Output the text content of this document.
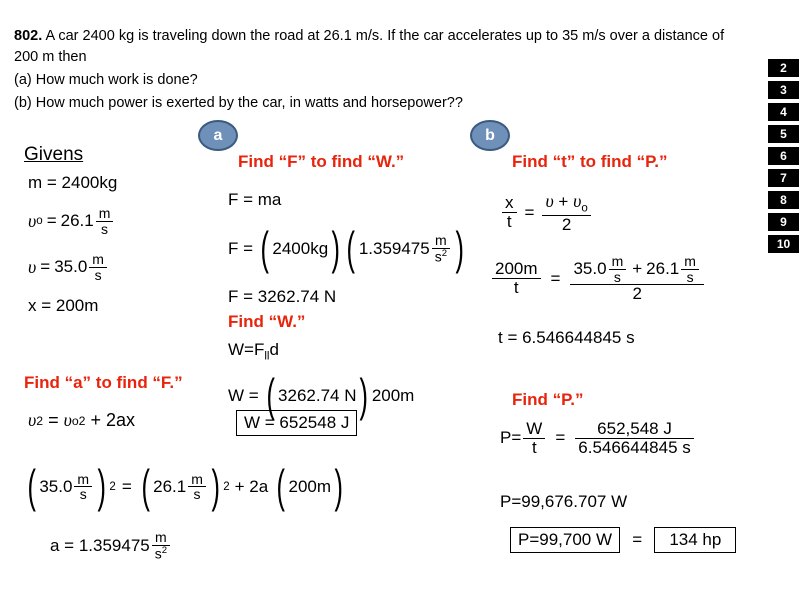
802. A car 2400 kg is traveling down the road at 26.1 m/s. If the car accelerates up to 35 m/s over a distance of
200 m then
(a) How much work is done?
(b) How much power is exerted by the car, in watts and horsepower??
2
3
4
5
6
7
8
9
10
a	b
Givens
m = 2400kg
υ $o = 26.1 \frac{m}{s}$
$\upsilon = 35.0 \frac{m}{s}$
x = 200m
Find “a” to find “F.”
υ 2 = υ o 2 + 2ax
( $35.0 \frac{m}{s}$ ) 2 = ( $26.1 \frac{m}{s}$ ) 2 + 2a ( 200m )
$a = 1.359475 \frac{m}{s^2}$
Find “F” to find “W.”
F = ma
F = ( 2400kg ) ( $1.359475 \frac{m}{s^2}$ )
F = 3262.74 N
Find “W.”
$W=F_{ll}d$
W = ( 3262.74 N ) 200m
W = 652548 J
Find “t” to find “P.”
$\frac{x}{t} = \frac{\upsilon + \upsilon_o}{2}$
$\frac{200m}{t} = \frac{35.0 \frac{m}{s} + 26.1 \frac{m}{s}}{2}$
t = 6.546644845 s
Find “P.”
$P= \frac{W}{t} = \frac{652,548 J}{6.546644845 s}$
P=99,676.707 W
P=99,700 W = 134 hp
